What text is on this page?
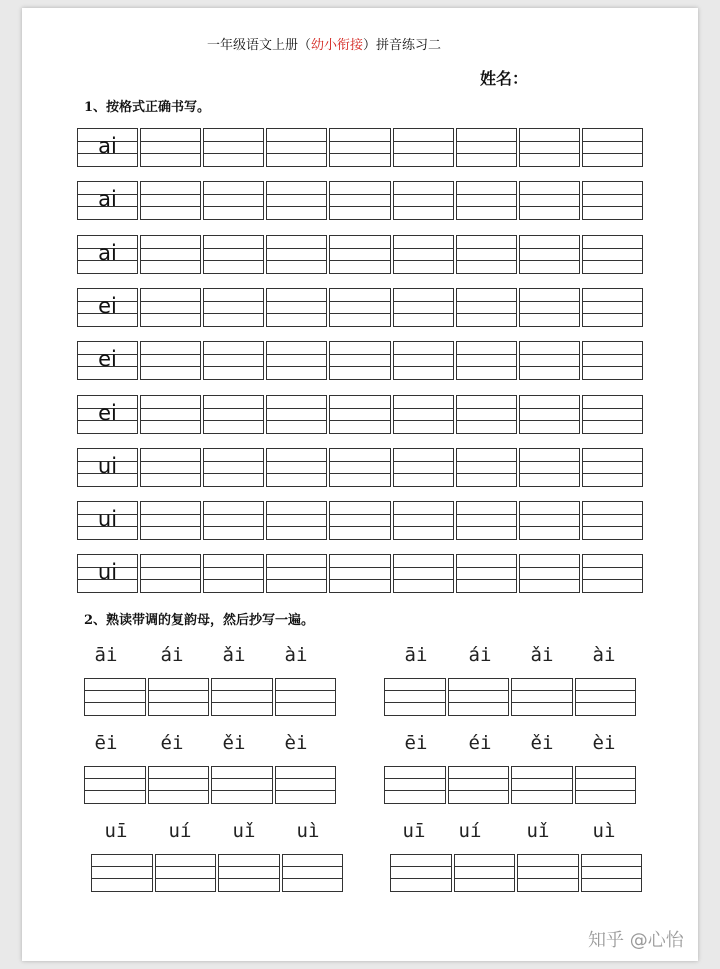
一年级语文上册（幼小衔接）拼音练习二
姓名：
1、按格式正确书写。
ai
ai
ai
ei
ei
ei
ui
ui
ui
2、熟读带调的复韵母，然后抄写一遍。
āi	ái	ǎi	ài	āi	ái	ǎi	ài
ēi	éi	ěi	èi	ēi	éi	ěi	èi
uī	uí	uǐ	uì	uī	uí	uǐ	uì
知乎 @心怡
